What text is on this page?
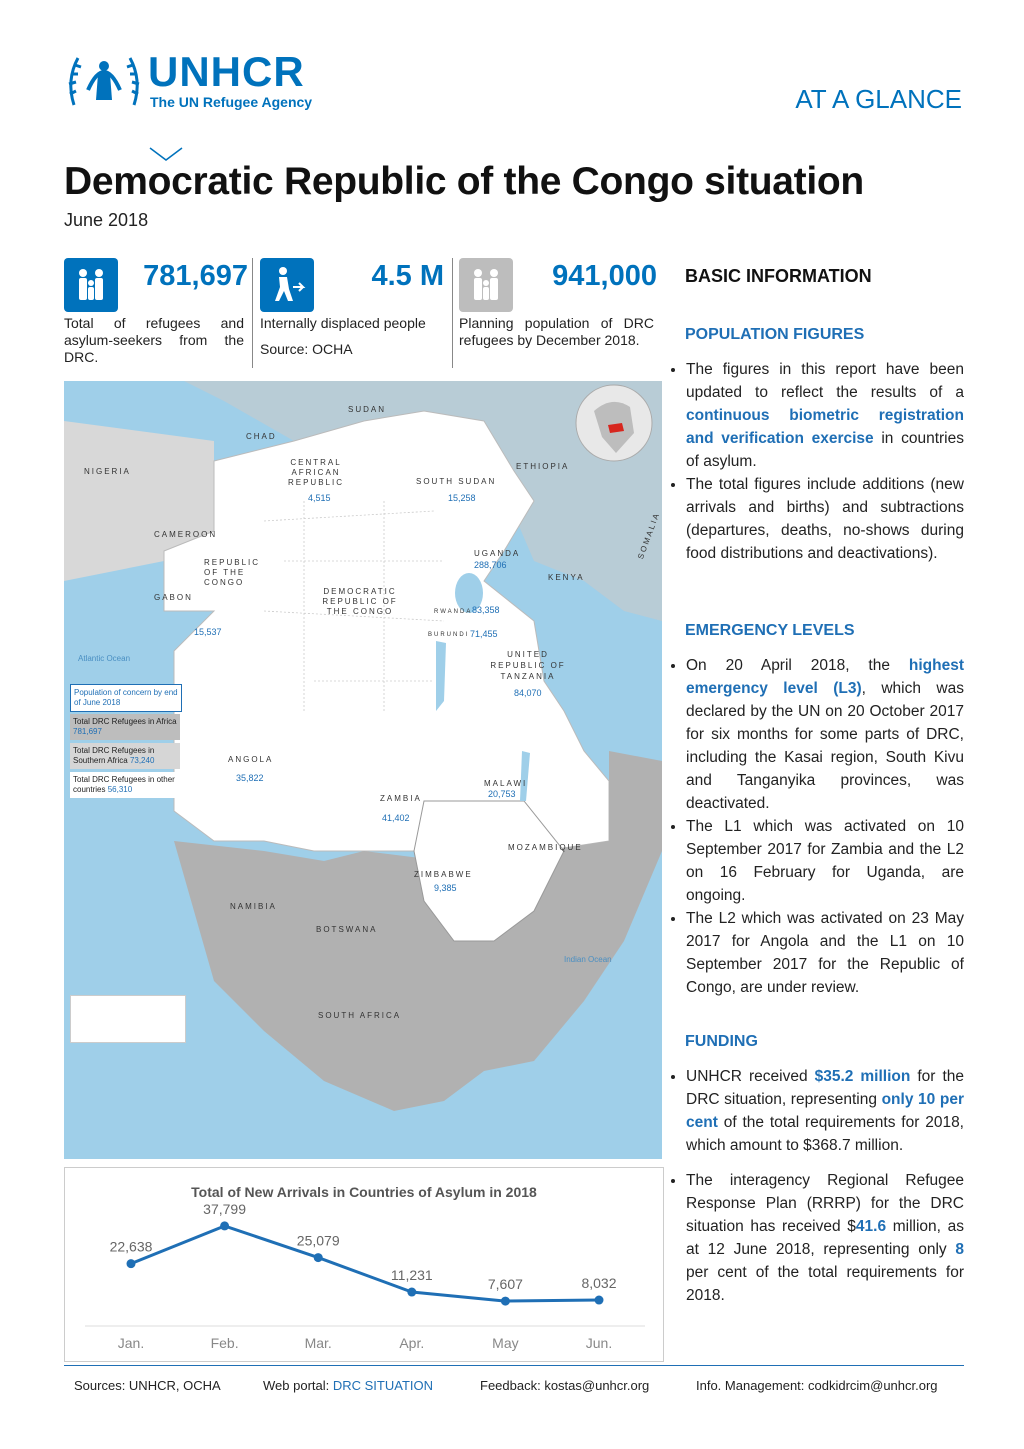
UNHCR
The UN Refugee Agency	AT A GLANCE
Democratic Republic of the Congo situation
June 2018
781,697
Total of refugees and asylum-seekers from the DRC.
4.5 M
Internally displaced people
Source: OCHA
941,000
Planning population of DRC refugees by December 2018.
SUDAN
CHAD
NIGERIA
CENTRAL AFRICAN REPUBLIC
4,515
SOUTH SUDAN
15,258
ETHIOPIA
CAMEROON
GABON
REPUBLIC OF THE CONGO
15,537
UGANDA
288,706
KENYA
SOMALIA
RWANDA 83,358
BURUNDI 71,455
DEMOCRATIC REPUBLIC OF THE CONGO
UNITED REPUBLIC OF TANZANIA
84,070
ANGOLA
35,822
ZAMBIA
41,402
MALAWI
20,753
MOZAMBIQUE
ZIMBABWE
9,385
NAMIBIA
BOTSWANA
SOUTH AFRICA
Atlantic Ocean
Indian Ocean
Population of concern by end of June 2018
Total DRC Refugees in Africa 781,697
Total DRC Refugees in Southern Africa 73,240
Total DRC Refugees in other countries 56,310
Total of New Arrivals in Countries of Asylum in 2018
22,638
Jan.
37,799
Feb.
25,079
Mar.
11,231
Apr.
7,607
May
8,032
Jun.
BASIC INFORMATION
POPULATION FIGURES
• The figures in this report have been updated to reflect the results of a continuous biometric registration and verification exercise in countries of asylum.
• The total figures include additions (new arrivals and births) and subtractions (departures, deaths, no-shows during food distributions and deactivations).
EMERGENCY LEVELS
• On 20 April 2018, the highest emergency level (L3), which was declared by the UN on 20 October 2017 for six months for some parts of DRC, including the Kasai region, South Kivu and Tanganyika provinces, was deactivated.
• The L1 which was activated on 10 September 2017 for Zambia and the L2 on 16 February for Uganda, are ongoing.
• The L2 which was activated on 23 May 2017 for Angola and the L1 on 10 September 2017 for the Republic of Congo, are under review.
FUNDING
• UNHCR received $35.2 million for the DRC situation, representing only 10 per cent of the total requirements for 2018, which amount to $368.7 million.
• The interagency Regional Refugee Response Plan (RRRP) for the DRC situation has received $41.6 million, as at 12 June 2018, representing only 8 per cent of the total requirements for 2018.
Sources: UNHCR, OCHA	Web portal: DRC SITUATION	Feedback: kostas@unhcr.org	Info. Management: codkidrcim@unhcr.org
